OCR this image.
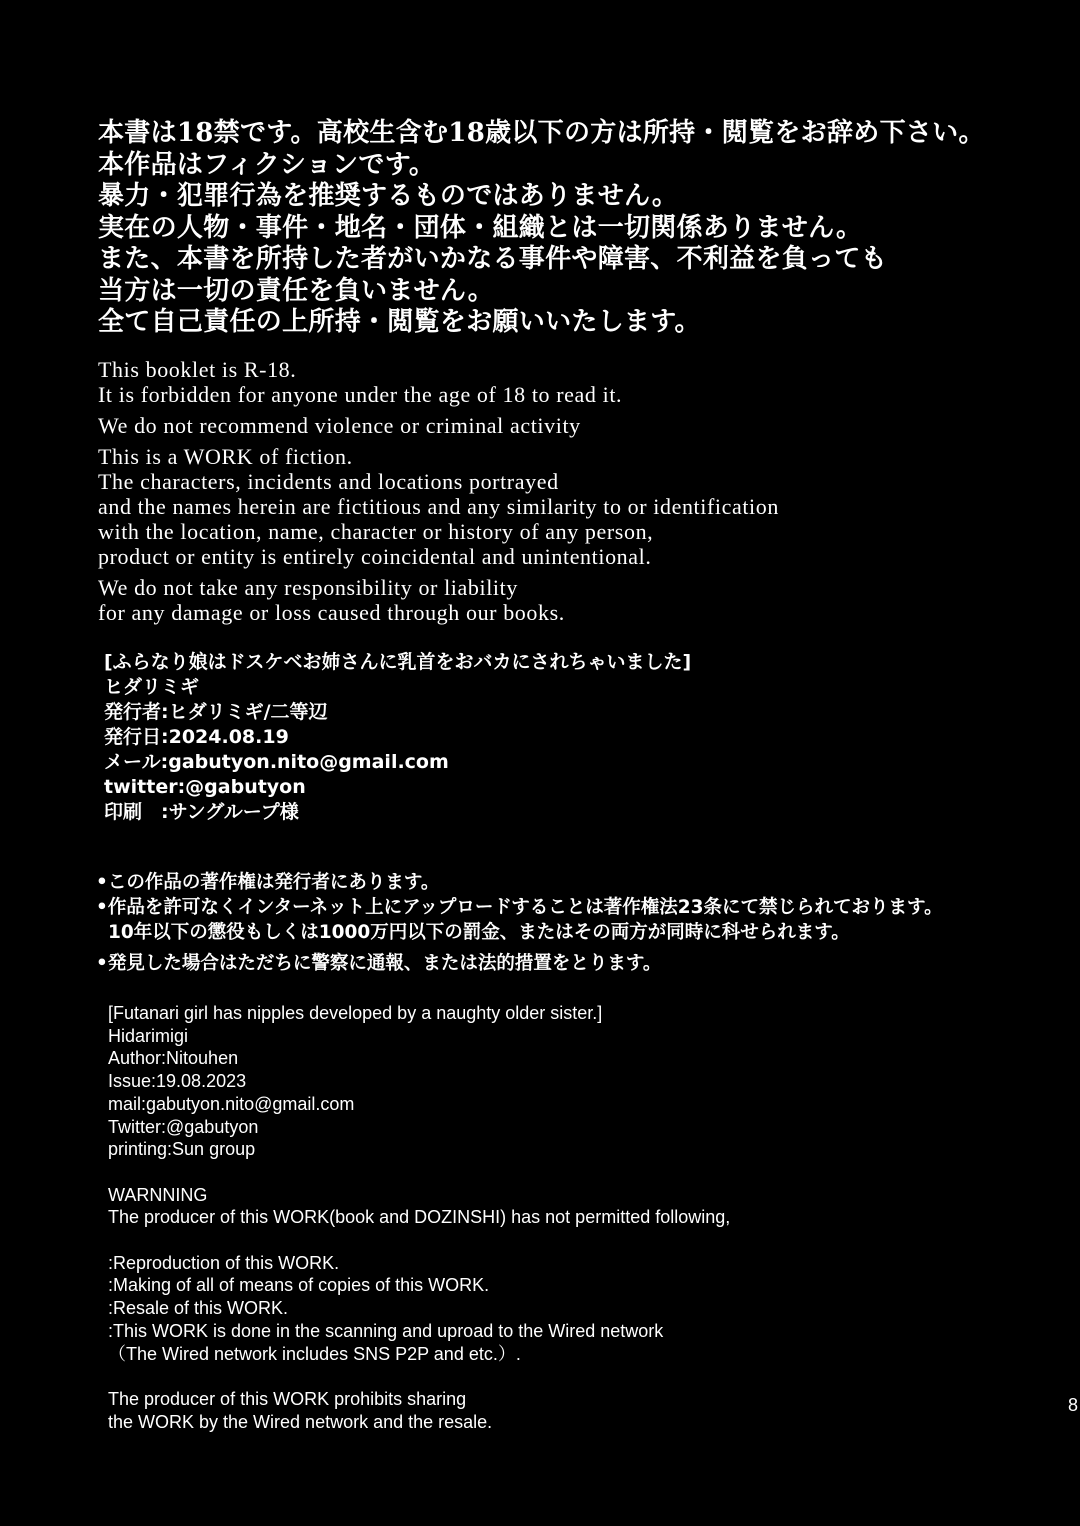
本書は18禁です。高校生含む18歳以下の方は所持・閲覧をお辞め下さい。
本作品はフィクションです。
暴力・犯罪行為を推奨するものではありません。
実在の人物・事件・地名・団体・組織とは一切関係ありません。
また、本書を所持した者がいかなる事件や障害、不利益を負っても
当方は一切の責任を負いません。
全て自己責任の上所持・閲覧をお願いいたします。
This booklet is R-18.
It is forbidden for anyone under the age of 18 to read it.
We do not recommend violence or criminal activity
This is a WORK of fiction.
The characters, incidents and locations portrayed
and the names herein are fictitious and any similarity to or identification
with the location, name, character or history of any person,
product or entity is entirely coincidental and unintentional.
We do not take any responsibility or liability
for any damage or loss caused through our books.
[ふらなり娘はドスケベお姉さんに乳首をおバカにされちゃいました]
ヒダリミギ
発行者:ヒダリミギ/二等辺
発行日:2024.08.19
メール:gabutyon.nito@gmail.com
twitter:@gabutyon
印刷　:サングループ様
•この作品の著作権は発行者にあります。
•作品を許可なくインターネット上にアップロードすることは著作権法23条にて禁じられております。
10年以下の懲役もしくは1000万円以下の罰金、またはその両方が同時に科せられます。
•発見した場合はただちに警察に通報、または法的措置をとります。
[Futanari girl has nipples developed by a naughty older sister.]
Hidarimigi
Author:Nitouhen
Issue:19.08.2023
mail:gabutyon.nito@gmail.com
Twitter:@gabutyon
printing:Sun group
WARNNING
The producer of this WORK(book and DOZINSHI) has not permitted following,
:Reproduction of this WORK.
:Making of all of means of copies of this WORK.
:Resale of this WORK.
:This WORK is done in the scanning and uproad to the Wired network
（The Wired network includes SNS P2P and etc.）.
The producer of this WORK prohibits sharing
the WORK by the Wired network and the resale.
8
